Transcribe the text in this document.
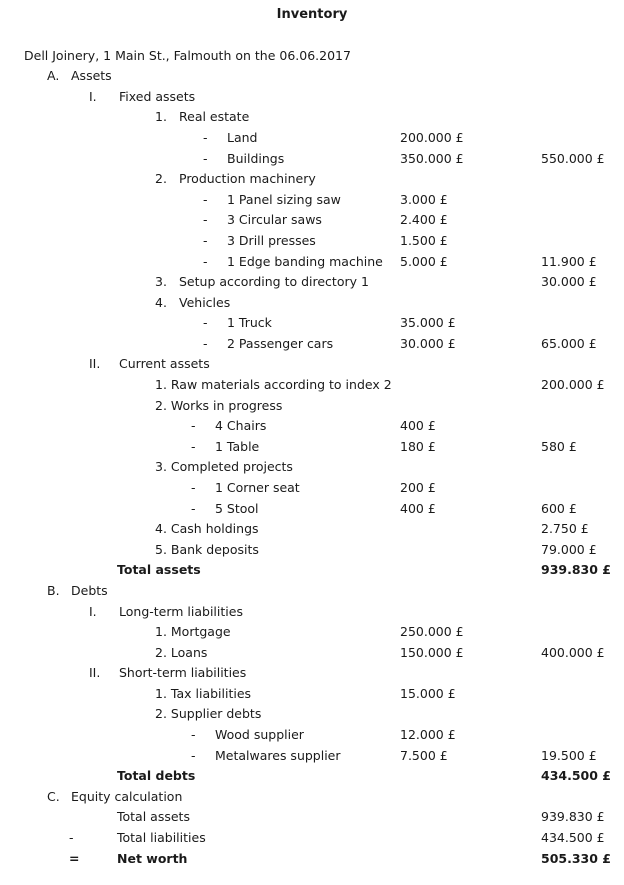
Inventory
Dell Joinery, 1 Main St., Falmouth on the 06.06.2017
A. Assets
I. Fixed assets
1. Real estate
- Land	200.000 £
- Buildings	350.000 £	550.000 £
2. Production machinery
- 1 Panel sizing saw	3.000 £
- 3 Circular saws	2.400 £
- 3 Drill presses	1.500 £
- 1 Edge banding machine 5.000 £	11.900 £
3. Setup according to directory 1	30.000 £
4. Vehicles
- 1 Truck	35.000 £
- 2 Passenger cars	30.000 £	65.000 £
II. Current assets
1. Raw materials according to index 2	200.000 £
2. Works in progress
- 4 Chairs	400 £
- 1 Table	180 £	580 £
3. Completed projects
- 1 Corner seat	200 £
- 5 Stool	400 £	600 £
4. Cash holdings	2.750 £
5. Bank deposits	79.000 £
Total assets	939.830 £
B. Debts
I. Long-term liabilities
1. Mortgage	250.000 £
2. Loans	150.000 £	400.000 £
II. Short-term liabilities
1. Tax liabilities	15.000 £
2. Supplier debts
- Wood supplier	12.000 £
- Metalwares supplier	7.500 £	19.500 £
Total debts	434.500 £
C. Equity calculation
Total assets	939.830 £
-	Total liabilities	434.500 £
=	Net worth	505.330 £
